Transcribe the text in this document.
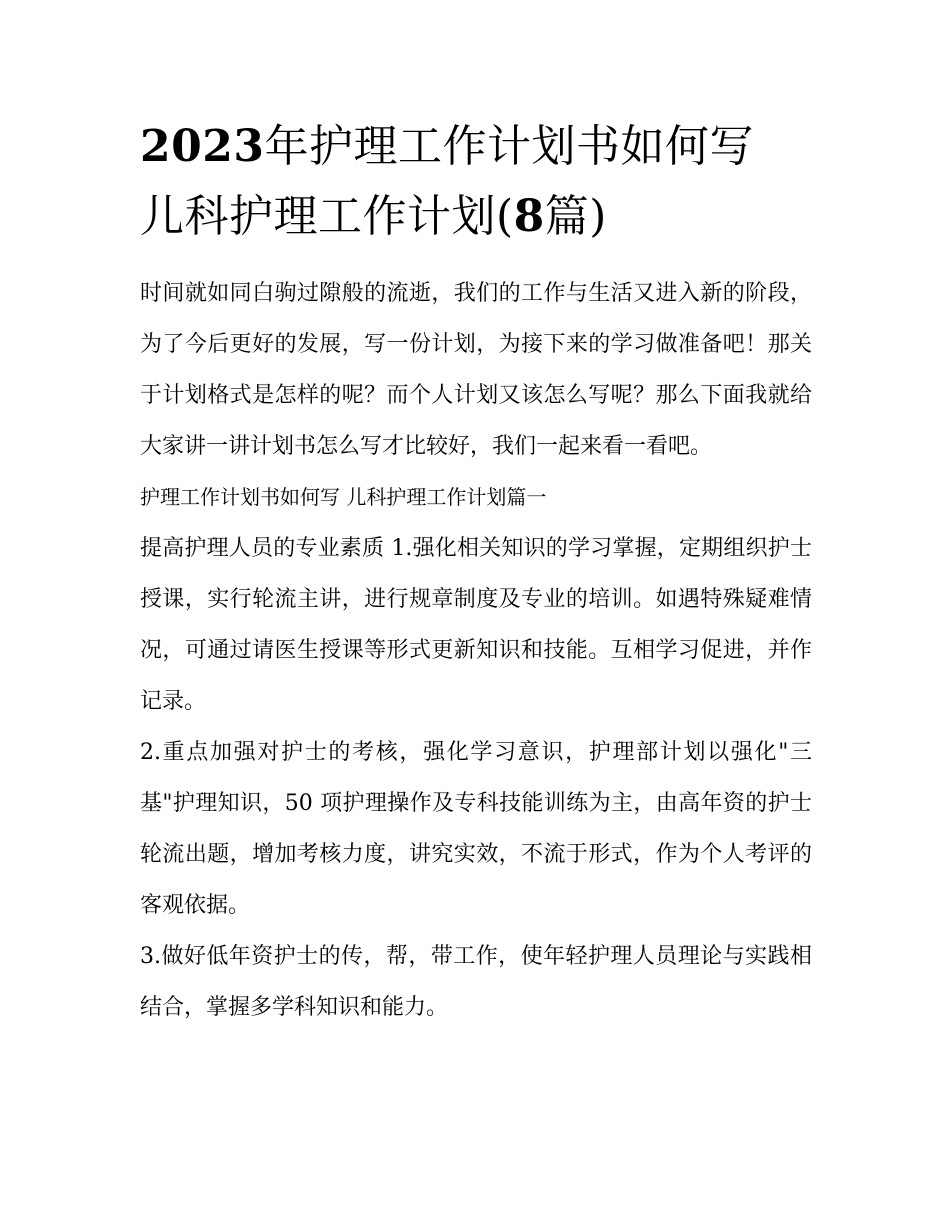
2023年护理工作计划书如何写
儿科护理工作计划(8篇)

时间就如同白驹过隙般的流逝，我们的工作与生活又进入新的阶段，为了今后更好的发展，写一份计划，为接下来的学习做准备吧！那关于计划格式是怎样的呢？而个人计划又该怎么写呢？那么下面我就给大家讲一讲计划书怎么写才比较好，我们一起来看一看吧。

护理工作计划书如何写 儿科护理工作计划篇一

提高护理人员的专业素质 1.强化相关知识的学习掌握，定期组织护士授课，实行轮流主讲，进行规章制度及专业的培训。如遇特殊疑难情况，可通过请医生授课等形式更新知识和技能。互相学习促进，并作记录。

2.重点加强对护士的考核，强化学习意识，护理部计划以强化"三基"护理知识，50 项护理操作及专科技能训练为主，由高年资的护士轮流出题，增加考核力度，讲究实效，不流于形式，作为个人考评的客观依据。

3.做好低年资护士的传，帮，带工作，使年轻护理人员理论与实践相结合，掌握多学科知识和能力。
